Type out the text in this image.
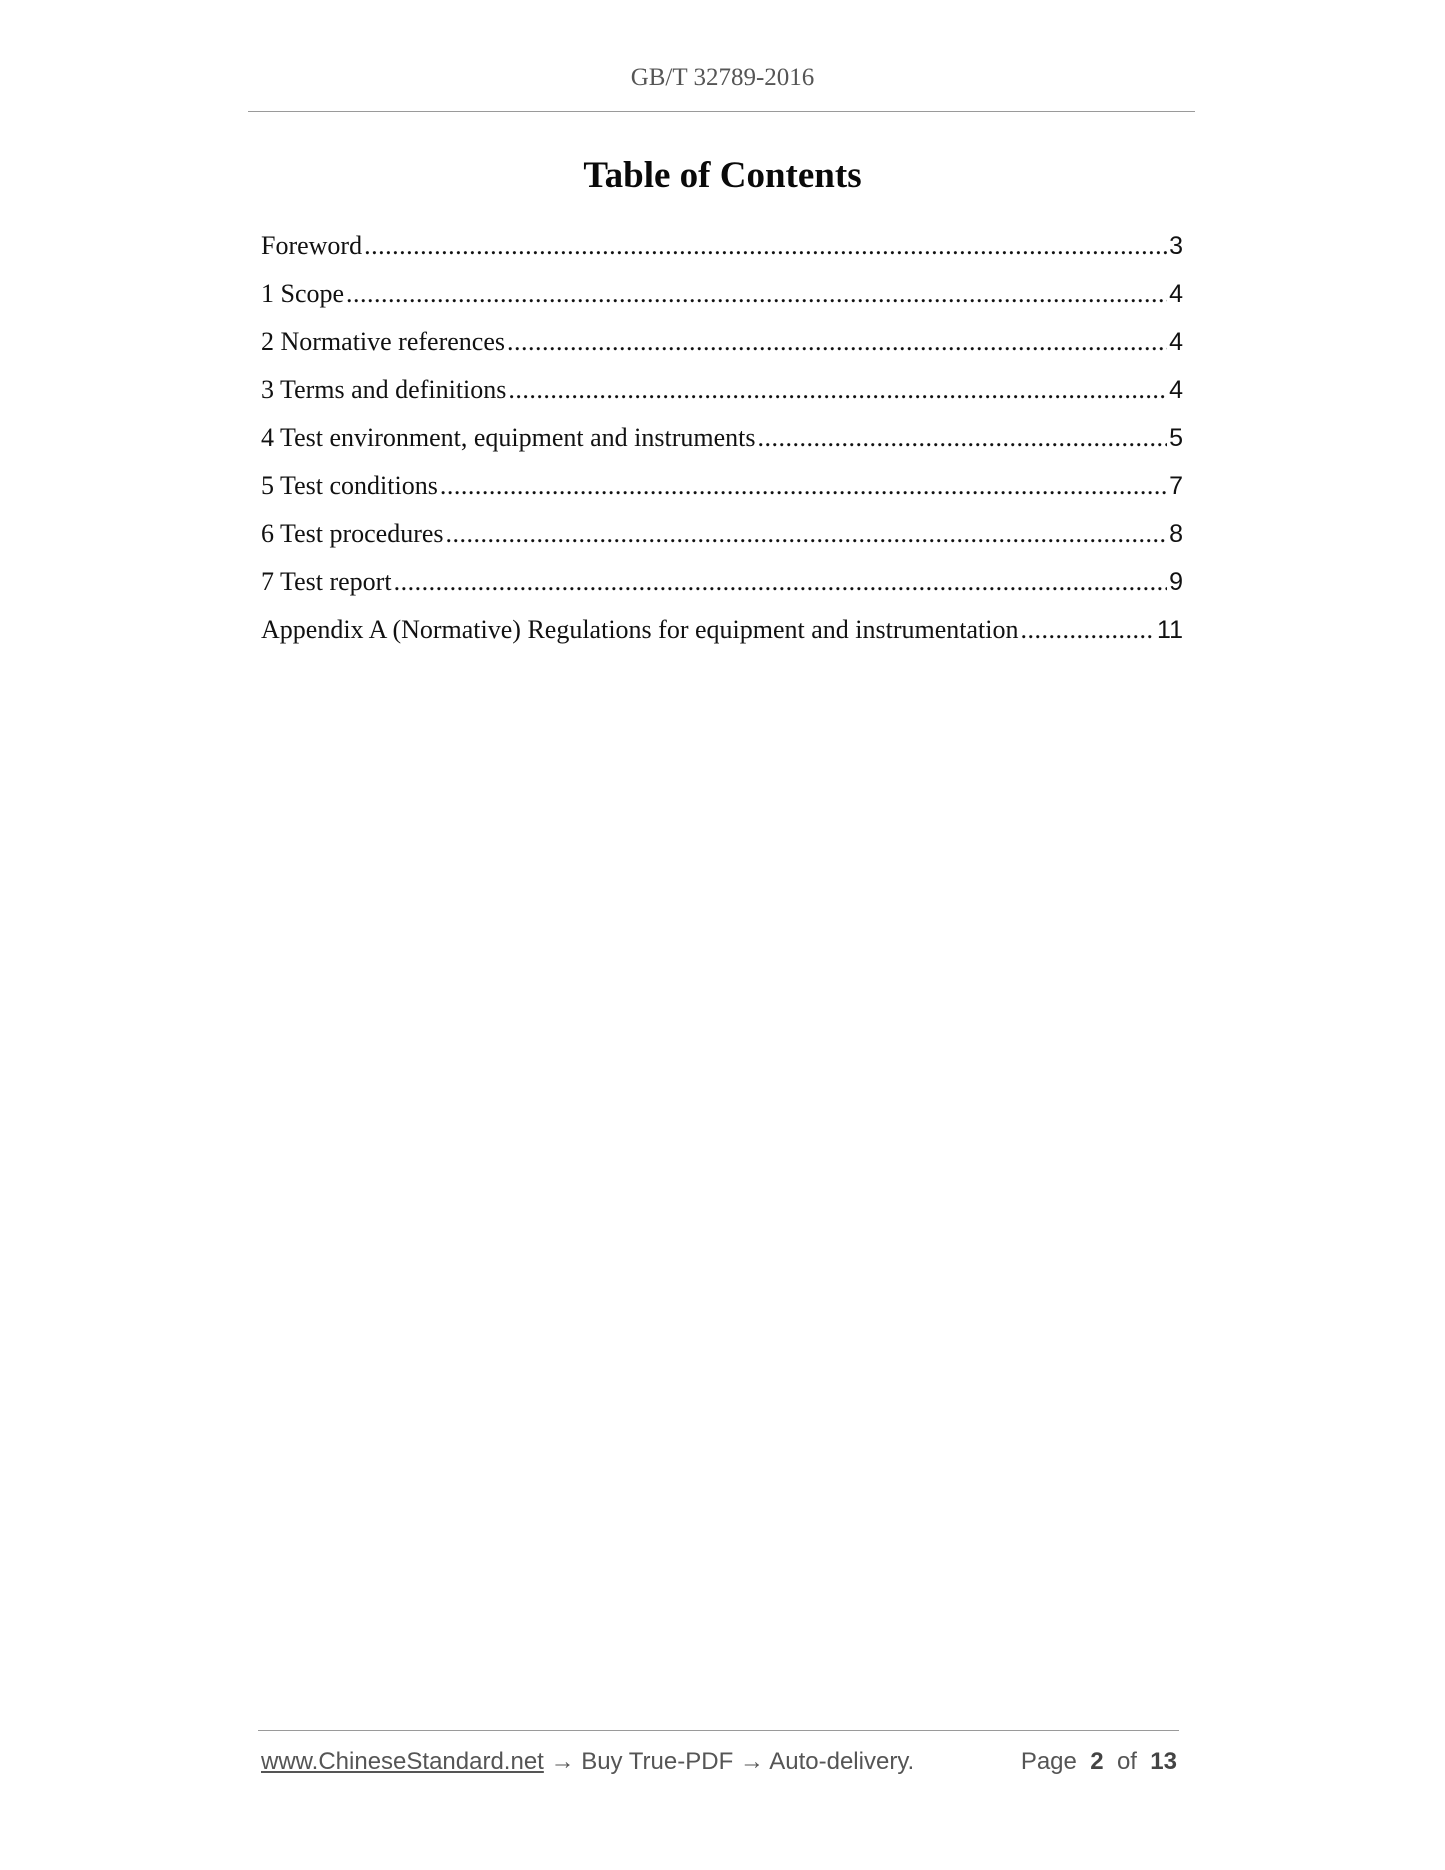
GB/T 32789-2016
Table of Contents
Foreword .....	3
1 Scope .....	4
2 Normative references .....	4
3 Terms and definitions .....	4
4 Test environment, equipment and instruments .....	5
5 Test conditions .....	7
6 Test procedures .....	8
7 Test report .....	9
Appendix A (Normative) Regulations for equipment and instrumentation .....	11
www.ChineseStandard.net → Buy True-PDF → Auto-delivery.	Page 2 of 13
